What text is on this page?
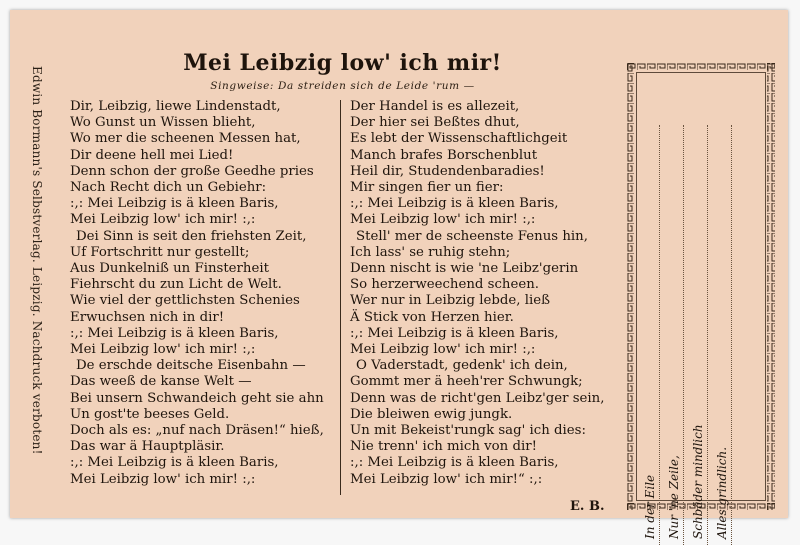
Edwin Bormann's Selbstverlag. Leipzig. Nachdruck verboten!
Mei Leibzig low' ich mir!
Singweise: Da streiden sich de Leide 'rum —
Dir, Leibzig, liewe Lindenstadt,
Wo Gunst un Wissen blieht,
Wo mer die scheenen Messen hat,
Dir deene hell mei Lied!
Denn schon der große Geedhe pries
Nach Recht dich un Gebiehr:
:,: Mei Leibzig is ä kleen Baris,
Mei Leibzig low' ich mir! :,:
Dei Sinn is seit den friehsten Zeit,
Uf Fortschritt nur gestellt;
Aus Dunkelniß un Finsterheit
Fiehrscht du zun Licht de Welt.
Wie viel der gettlichsten Schenies
Erwuchsen nich in dir!
:,: Mei Leibzig is ä kleen Baris,
Mei Leibzig low' ich mir! :,:
De erschde deitsche Eisenbahn —
Das weeß de kanse Welt —
Bei unsern Schwandeich geht sie ahn
Un gost'te beeses Geld.
Doch als es: „nuf nach Dräsen!“ hieß,
Das war ä Hauptpläsir.
:,: Mei Leibzig is ä kleen Baris,
Mei Leibzig low' ich mir! :,:
Der Handel is es allezeit,
Der hier sei Beßtes dhut,
Es lebt der Wissenschaftlichgeit
Manch brafes Borschenblut
Heil dir, Studendenbaradies!
Mir singen fier un fier:
:,: Mei Leibzig is ä kleen Baris,
Mei Leibzig low' ich mir! :,:
Stell' mer de scheenste Fenus hin,
Ich lass' se ruhig stehn;
Denn nischt is wie 'ne Leibz'gerin
So herzerweechend scheen.
Wer nur in Leibzig lebde, ließ
Ä Stick von Herzen hier.
:,: Mei Leibzig is ä kleen Baris,
Mei Leibzig low' ich mir! :,:
O Vaderstadt, gedenk' ich dein,
Gommt mer ä heeh'rer Schwungk;
Denn was de richt'gen Leibz'ger sein,
Die bleiwen ewig jungk.
Un mit Bekeist'rungk sag' ich dies:
Nie trenn' ich mich von dir!
:,: Mei Leibzig is ä kleen Baris,
Mei Leibzig low' ich mir!“ :,:
E. B.	In der Eile Nur 'ne Zeile, Schbäder mindlich Alles grindlich.
